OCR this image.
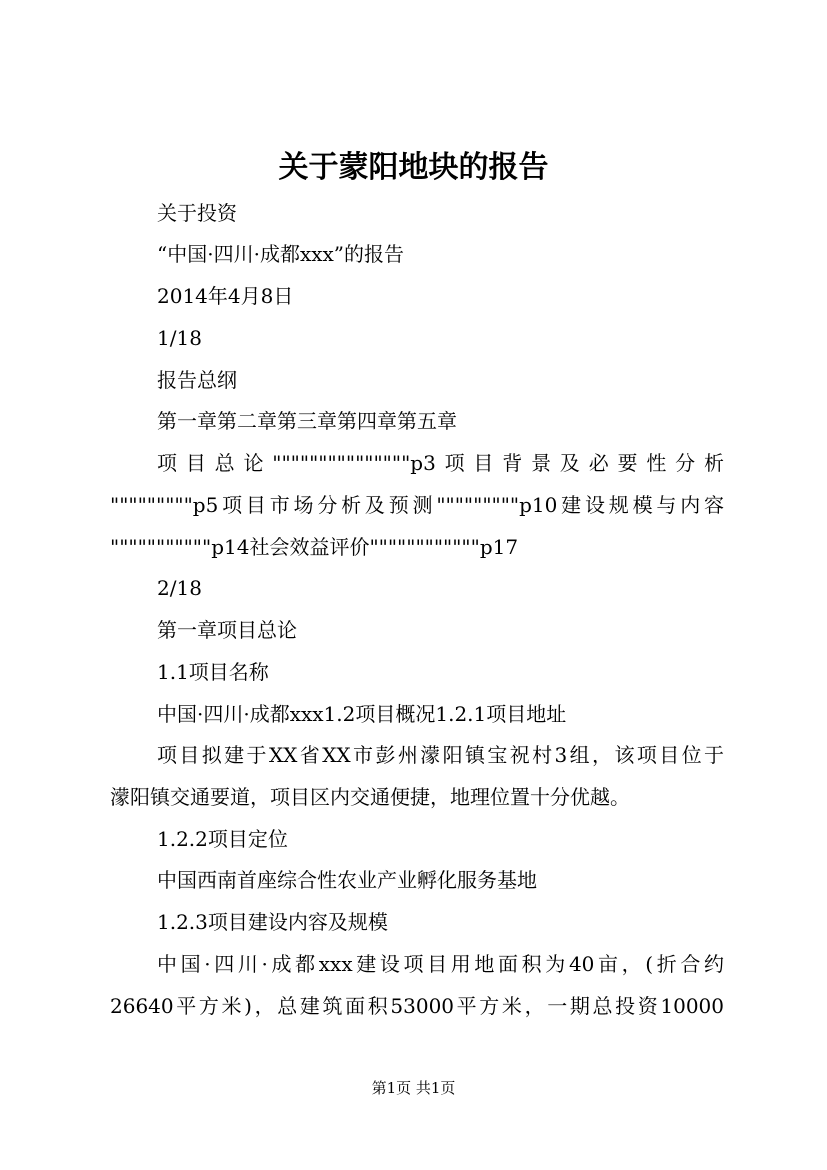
关于蒙阳地块的报告
关于投资
“中国·四川·成都xxx”的报告
2014年4月8日
1/18
报告总纲
第一章第二章第三章第四章第五章
项目总论"""""""""""""""p3项目背景及必要性分析
"""""""""p5项目市场分析及预测"""""""""p10建设规模与内容
"""""""""""p14社会效益评价""""""""""""p17
2/18
第一章项目总论
1.1项目名称
中国·四川·成都xxx1.2项目概况1.2.1项目地址
项目拟建于XX省XX市彭州濛阳镇宝祝村3组，该项目位于
濛阳镇交通要道，项目区内交通便捷，地理位置十分优越。
1.2.2项目定位
中国西南首座综合性农业产业孵化服务基地
1.2.3项目建设内容及规模
中国·四川·成都xxx建设项目用地面积为40亩，(折合约
26640平方米)，总建筑面积53000平方米，一期总投资10000
第1页 共1页
